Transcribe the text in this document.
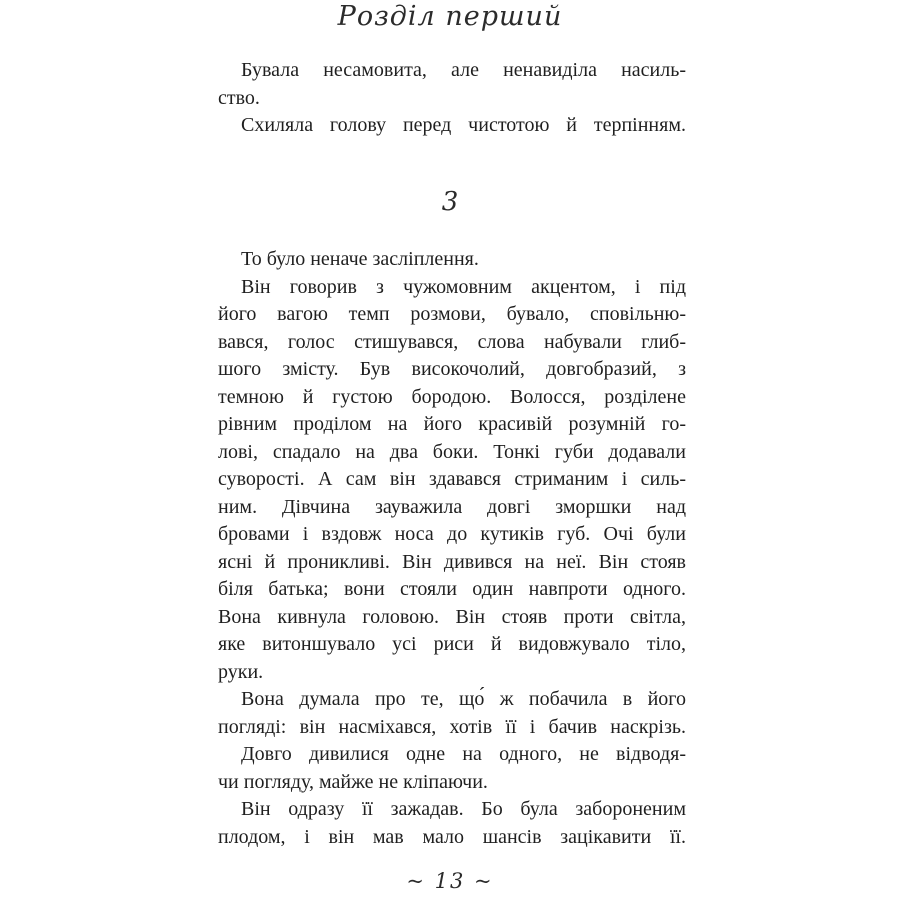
Розділ перший
Бувала несамовита, але ненавиділа насиль-
ство.
Схиляла голову перед чистотою й терпінням.
3
То було неначе засліплення.
Він говорив з чужомовним акцентом, і під
його вагою темп розмови, бувало, сповільню-
вався, голос стишувався, слова набували глиб-
шого змісту. Був високочолий, довгобразий, з
темною й густою бородою. Волосся, розділене
рівним проділом на його красивій розумній го-
лові, спадало на два боки. Тонкі губи додавали
суворості. А сам він здавався стриманим і силь-
ним. Дівчина зауважила довгі зморшки над
бровами і вздовж носа до кутиків губ. Очі були
ясні й проникливі. Він дивився на неї. Він стояв
біля батька; вони стояли один навпроти одного.
Вона кивнула головою. Він стояв проти світла,
яке витоншувало усі риси й видовжувало тіло,
руки.
Вона думала про те, що́ ж побачила в його
погляді: він насміхався, хотів її і бачив наскрізь.
Довго дивилися одне на одного, не відводя-
чи погляду, майже не кліпаючи.
Він одразу її зажадав. Бо була забороненим
плодом, і він мав мало шансів зацікавити її.
~ 13 ~
